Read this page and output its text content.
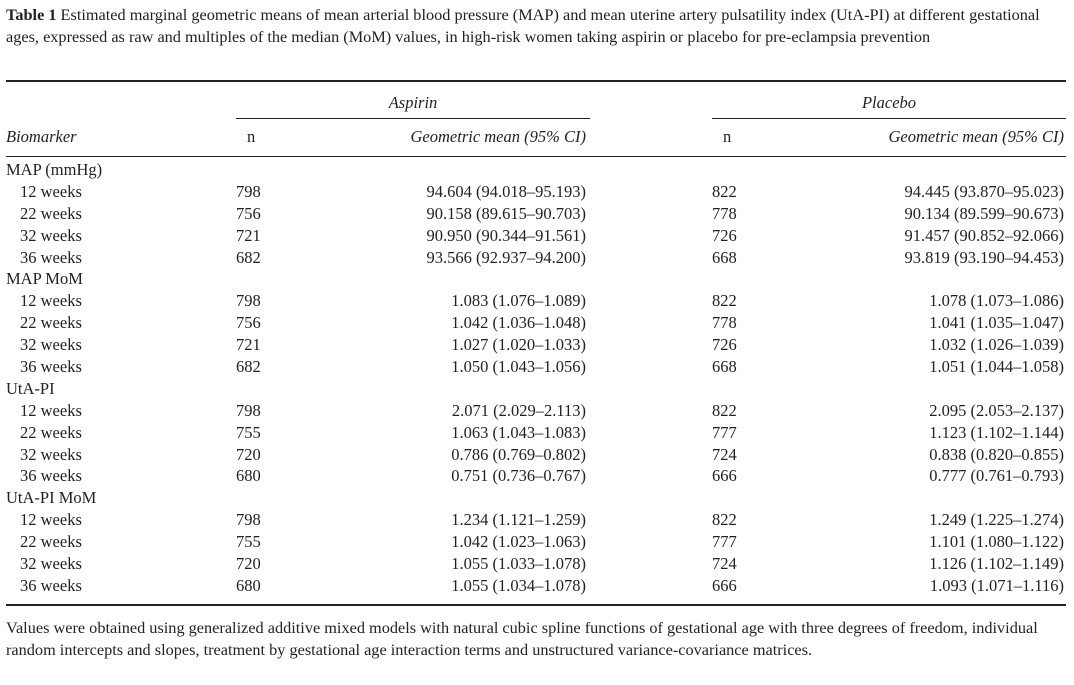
Table 1 Estimated marginal geometric means of mean arterial blood pressure (MAP) and mean uterine artery pulsatility index (UtA-PI) at different gestational ages, expressed as raw and multiples of the median (MoM) values, in high-risk women taking aspirin or placebo for pre-eclampsia prevention
Aspirin	Placebo
Biomarker	n	Geometric mean (95% CI)	n	Geometric mean (95% CI)
MAP (mmHg)
12 weeks	798	94.604 (94.018–95.193)	822	94.445 (93.870–95.023)
22 weeks	756	90.158 (89.615–90.703)	778	90.134 (89.599–90.673)
32 weeks	721	90.950 (90.344–91.561)	726	91.457 (90.852–92.066)
36 weeks	682	93.566 (92.937–94.200)	668	93.819 (93.190–94.453)
MAP MoM
12 weeks	798	1.083 (1.076–1.089)	822	1.078 (1.073–1.086)
22 weeks	756	1.042 (1.036–1.048)	778	1.041 (1.035–1.047)
32 weeks	721	1.027 (1.020–1.033)	726	1.032 (1.026–1.039)
36 weeks	682	1.050 (1.043–1.056)	668	1.051 (1.044–1.058)
UtA-PI
12 weeks	798	2.071 (2.029–2.113)	822	2.095 (2.053–2.137)
22 weeks	755	1.063 (1.043–1.083)	777	1.123 (1.102–1.144)
32 weeks	720	0.786 (0.769–0.802)	724	0.838 (0.820–0.855)
36 weeks	680	0.751 (0.736–0.767)	666	0.777 (0.761–0.793)
UtA-PI MoM
12 weeks	798	1.234 (1.121–1.259)	822	1.249 (1.225–1.274)
22 weeks	755	1.042 (1.023–1.063)	777	1.101 (1.080–1.122)
32 weeks	720	1.055 (1.033–1.078)	724	1.126 (1.102–1.149)
36 weeks	680	1.055 (1.034–1.078)	666	1.093 (1.071–1.116)
Values were obtained using generalized additive mixed models with natural cubic spline functions of gestational age with three degrees of freedom, individual random intercepts and slopes, treatment by gestational age interaction terms and unstructured variance-covariance matrices.
